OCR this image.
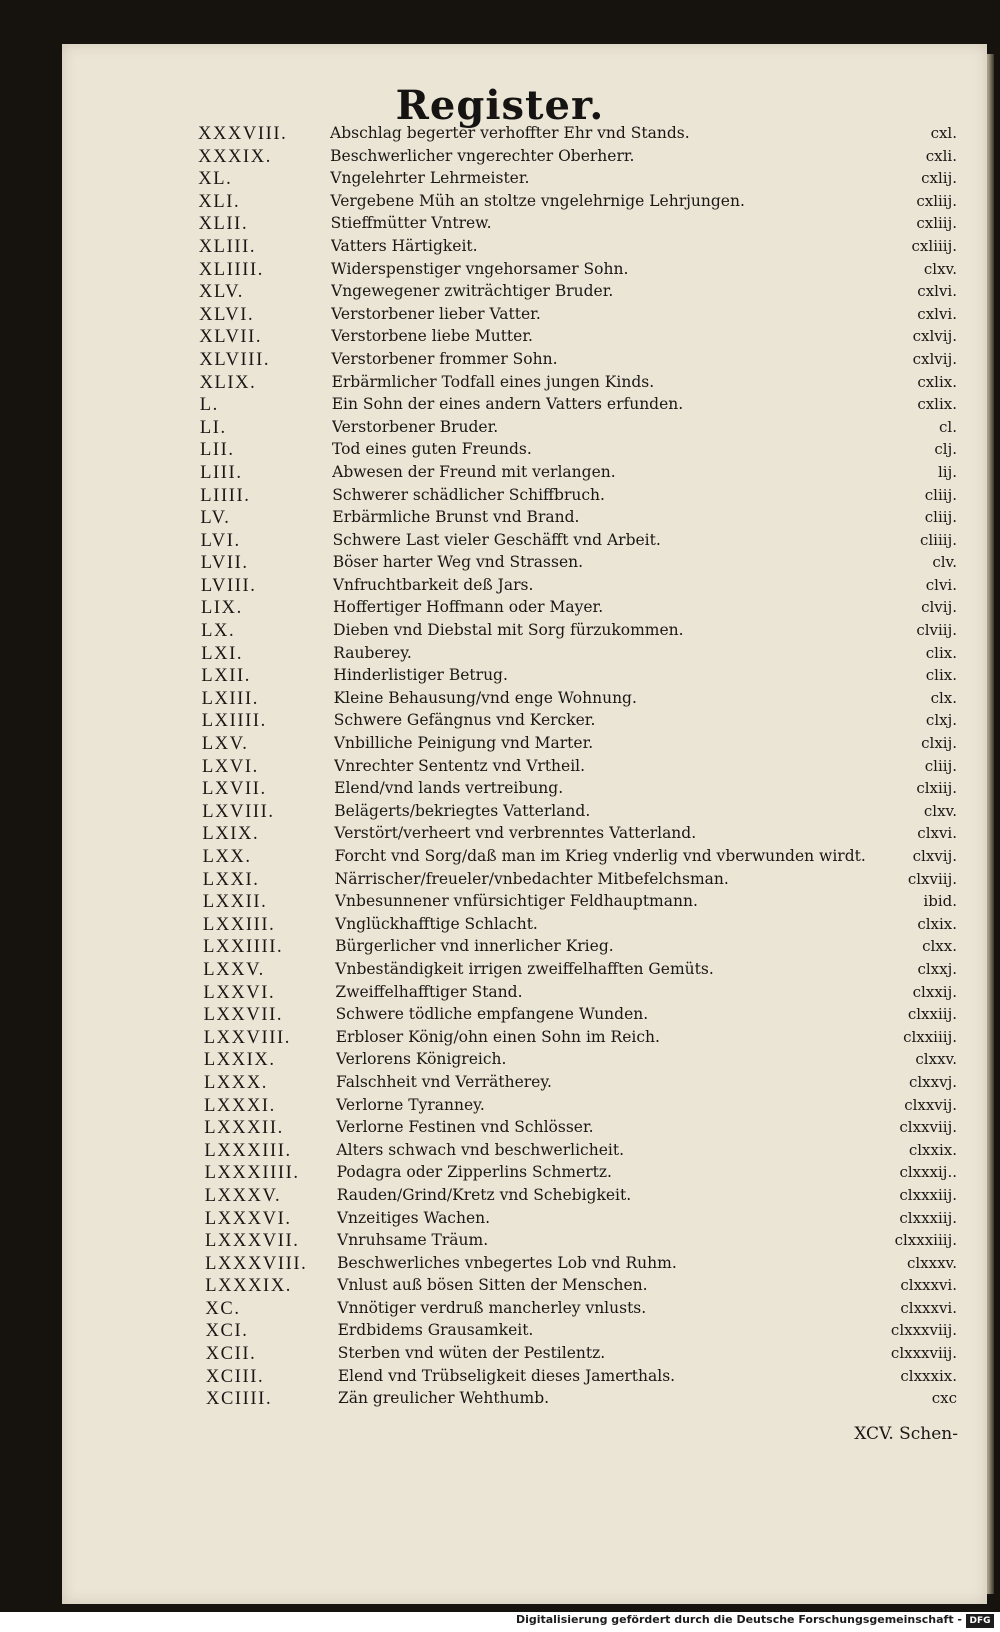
Register.
XXXVIII.	Abschlag begerter verhoffter Ehr vnd Stands.	cxl.
XXXIX.	Beschwerlicher vngerechter Oberherr.	cxli.
XL.	Vngelehrter Lehrmeister.	cxlij.
XLI.	Vergebene Müh an stoltze vngelehrnige Lehrjungen.	cxliij.
XLII.	Stieffmütter Vntrew.	cxliij.
XLIII.	Vatters Härtigkeit.	cxliiij.
XLIIII.	Widerspenstiger vngehorsamer Sohn.	clxv.
XLV.	Vngewegener zwiträchtiger Bruder.	cxlvi.
XLVI.	Verstorbener lieber Vatter.	cxlvi.
XLVII.	Verstorbene liebe Mutter.	cxlvij.
XLVIII.	Verstorbener frommer Sohn.	cxlvij.
XLIX.	Erbärmlicher Todfall eines jungen Kinds.	cxlix.
L.	Ein Sohn der eines andern Vatters erfunden.	cxlix.
LI.	Verstorbener Bruder.	cl.
LII.	Tod eines guten Freunds.	clj.
LIII.	Abwesen der Freund mit verlangen.	lij.
LIIII.	Schwerer schädlicher Schiffbruch.	cliij.
LV.	Erbärmliche Brunst vnd Brand.	cliij.
LVI.	Schwere Last vieler Geschäfft vnd Arbeit.	cliiij.
LVII.	Böser harter Weg vnd Strassen.	clv.
LVIII.	Vnfruchtbarkeit deß Jars.	clvi.
LIX.	Hoffertiger Hoffmann oder Mayer.	clvij.
LX.	Dieben vnd Diebstal mit Sorg fürzukommen.	clviij.
LXI.	Rauberey.	clix.
LXII.	Hinderlistiger Betrug.	clix.
LXIII.	Kleine Behausung/vnd enge Wohnung.	clx.
LXIIII.	Schwere Gefängnus vnd Kercker.	clxj.
LXV.	Vnbilliche Peinigung vnd Marter.	clxij.
LXVI.	Vnrechter Sententz vnd Vrtheil.	cliij.
LXVII.	Elend/vnd lands vertreibung.	clxiij.
LXVIII.	Belägerts/bekriegtes Vatterland.	clxv.
LXIX.	Verstört/verheert vnd verbrenntes Vatterland.	clxvi.
LXX.	Forcht vnd Sorg/daß man im Krieg vnderlig vnd vberwunden wirdt.	clxvij.
LXXI.	Närrischer/freueler/vnbedachter Mitbefelchsman.	clxviij.
LXXII.	Vnbesunnener vnfürsichtiger Feldhauptmann.	ibid.
LXXIII.	Vnglückhafftige Schlacht.	clxix.
LXXIIII.	Bürgerlicher vnd innerlicher Krieg.	clxx.
LXXV.	Vnbeständigkeit irrigen zweiffelhafften Gemüts.	clxxj.
LXXVI.	Zweiffelhafftiger Stand.	clxxij.
LXXVII.	Schwere tödliche empfangene Wunden.	clxxiij.
LXXVIII.	Erbloser König/ohn einen Sohn im Reich.	clxxiiij.
LXXIX.	Verlorens Königreich.	clxxv.
LXXX.	Falschheit vnd Verrätherey.	clxxvj.
LXXXI.	Verlorne Tyranney.	clxxvij.
LXXXII.	Verlorne Festinen vnd Schlösser.	clxxviij.
LXXXIII.	Alters schwach vnd beschwerlicheit.	clxxix.
LXXXIIII.	Podagra oder Zipperlins Schmertz.	clxxxij..
LXXXV.	Rauden/Grind/Kretz vnd Schebigkeit.	clxxxiij.
LXXXVI.	Vnzeitiges Wachen.	clxxxiij.
LXXXVII.	Vnruhsame Träum.	clxxxiiij.
LXXXVIII.	Beschwerliches vnbegertes Lob vnd Ruhm.	clxxxv.
LXXXIX.	Vnlust auß bösen Sitten der Menschen.	clxxxvi.
XC.	Vnnötiger verdruß mancherley vnlusts.	clxxxvi.
XCI.	Erdbidems Grausamkeit.	clxxxviij.
XCII.	Sterben vnd wüten der Pestilentz.	clxxxviij.
XCIII.	Elend vnd Trübseligkeit dieses Jamerthals.	clxxxix.
XCIIII.	Zän greulicher Wehthumb.	cxc
XCV. Schen-
Digitalisierung gefördert durch die Deutsche Forschungsgemeinschaft - DFG
